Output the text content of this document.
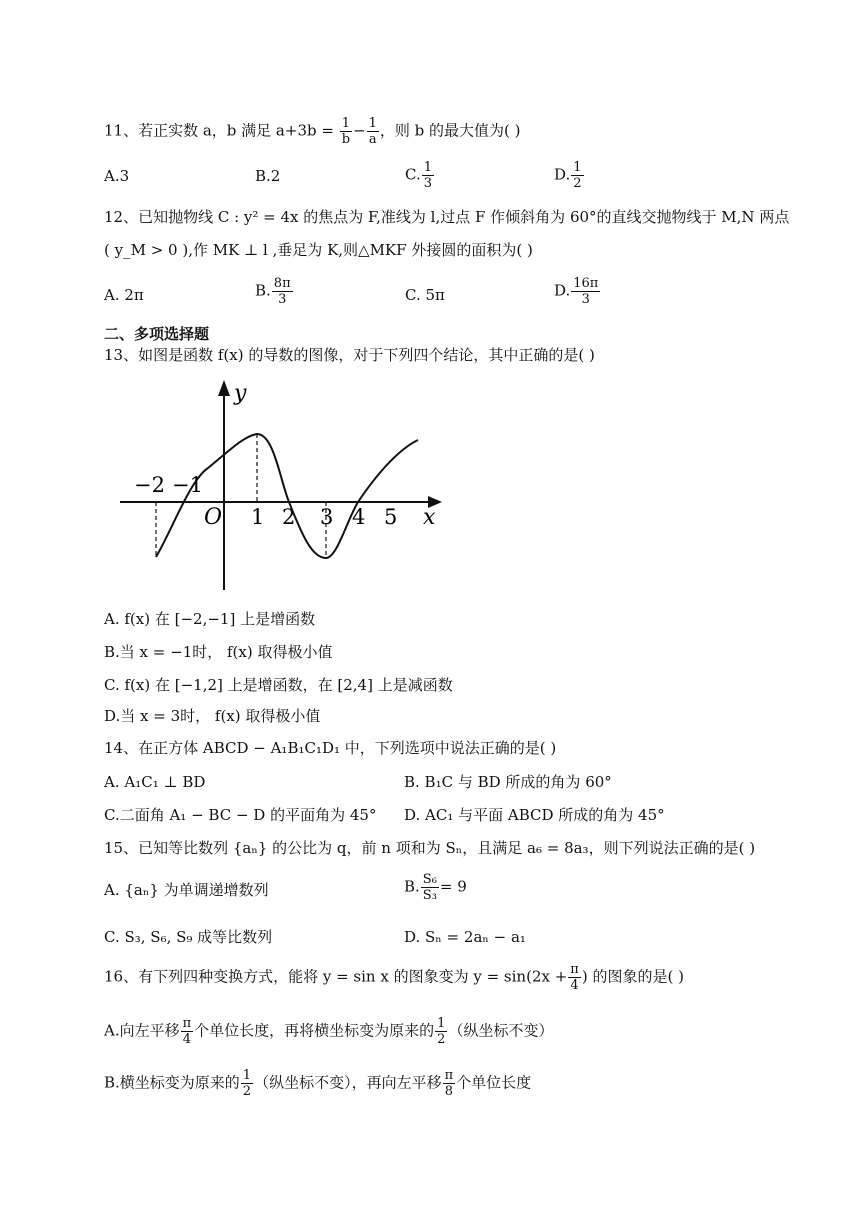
11、若正实数 a，b 满足 $a+3b = \frac{1}{b} - \frac{1}{a}$ ，则 b 的最大值为( )
A.3	B.2	C. $\frac{1}{3}$	D. $\frac{1}{2}$
12、已知抛物线 C : y² = 4x 的焦点为 F,准线为 l,过点 F 作倾斜角为 60°的直线交抛物线于 M,N 两点
( y_M > 0 ),作 MK ⊥ l ,垂足为 K,则△MKF 外接圆的面积为( )
A. 2π	B. $\frac{8\pi}{3}$	C. 5π	D. $\frac{16\pi}{3}$
二、多项选择题
13、如图是函数 f(x) 的导数的图像，对于下列四个结论，其中正确的是( )
y
x
O
−2 −1
1 2 3 4 5
A. f(x) 在 [−2,−1] 上是增函数
B.当 x = −1时， f(x) 取得极小值
C. f(x) 在 [−1,2] 上是增函数，在 [2,4] 上是减函数
D.当 x = 3时， f(x) 取得极小值
14、在正方体 ABCD − A₁B₁C₁D₁ 中，下列选项中说法正确的是( )
A. A₁C₁ ⊥ BD	B. B₁C 与 BD 所成的角为 60°
C.二面角 A₁ − BC − D 的平面角为 45° D. AC₁ 与平面 ABCD 所成的角为 45°
15、已知等比数列 {aₙ} 的公比为 q，前 n 项和为 Sₙ，且满足 a₆ = 8a₃，则下列说法正确的是( )
A. {aₙ} 为单调递增数列	B. $\frac{\text{S₆}}{\text{S₃}} = 9$
C. S₃, S₆, S₉ 成等比数列	D. Sₙ = 2aₙ − a₁
16、有下列四种变换方式，能将 y = sin x 的图象变为 $y = \sin(2x + \frac{\pi}{4}$ ) 的图象的是( )
A.向左平移 $\frac{\pi}{4}$ 个单位长度，再将横坐标变为原来的 $\frac{1}{2}$ （纵坐标不变）
B.横坐标变为原来的 $\frac{1}{2}$ （纵坐标不变），再向左平移 $\frac{\pi}{8}$ 个单位长度
